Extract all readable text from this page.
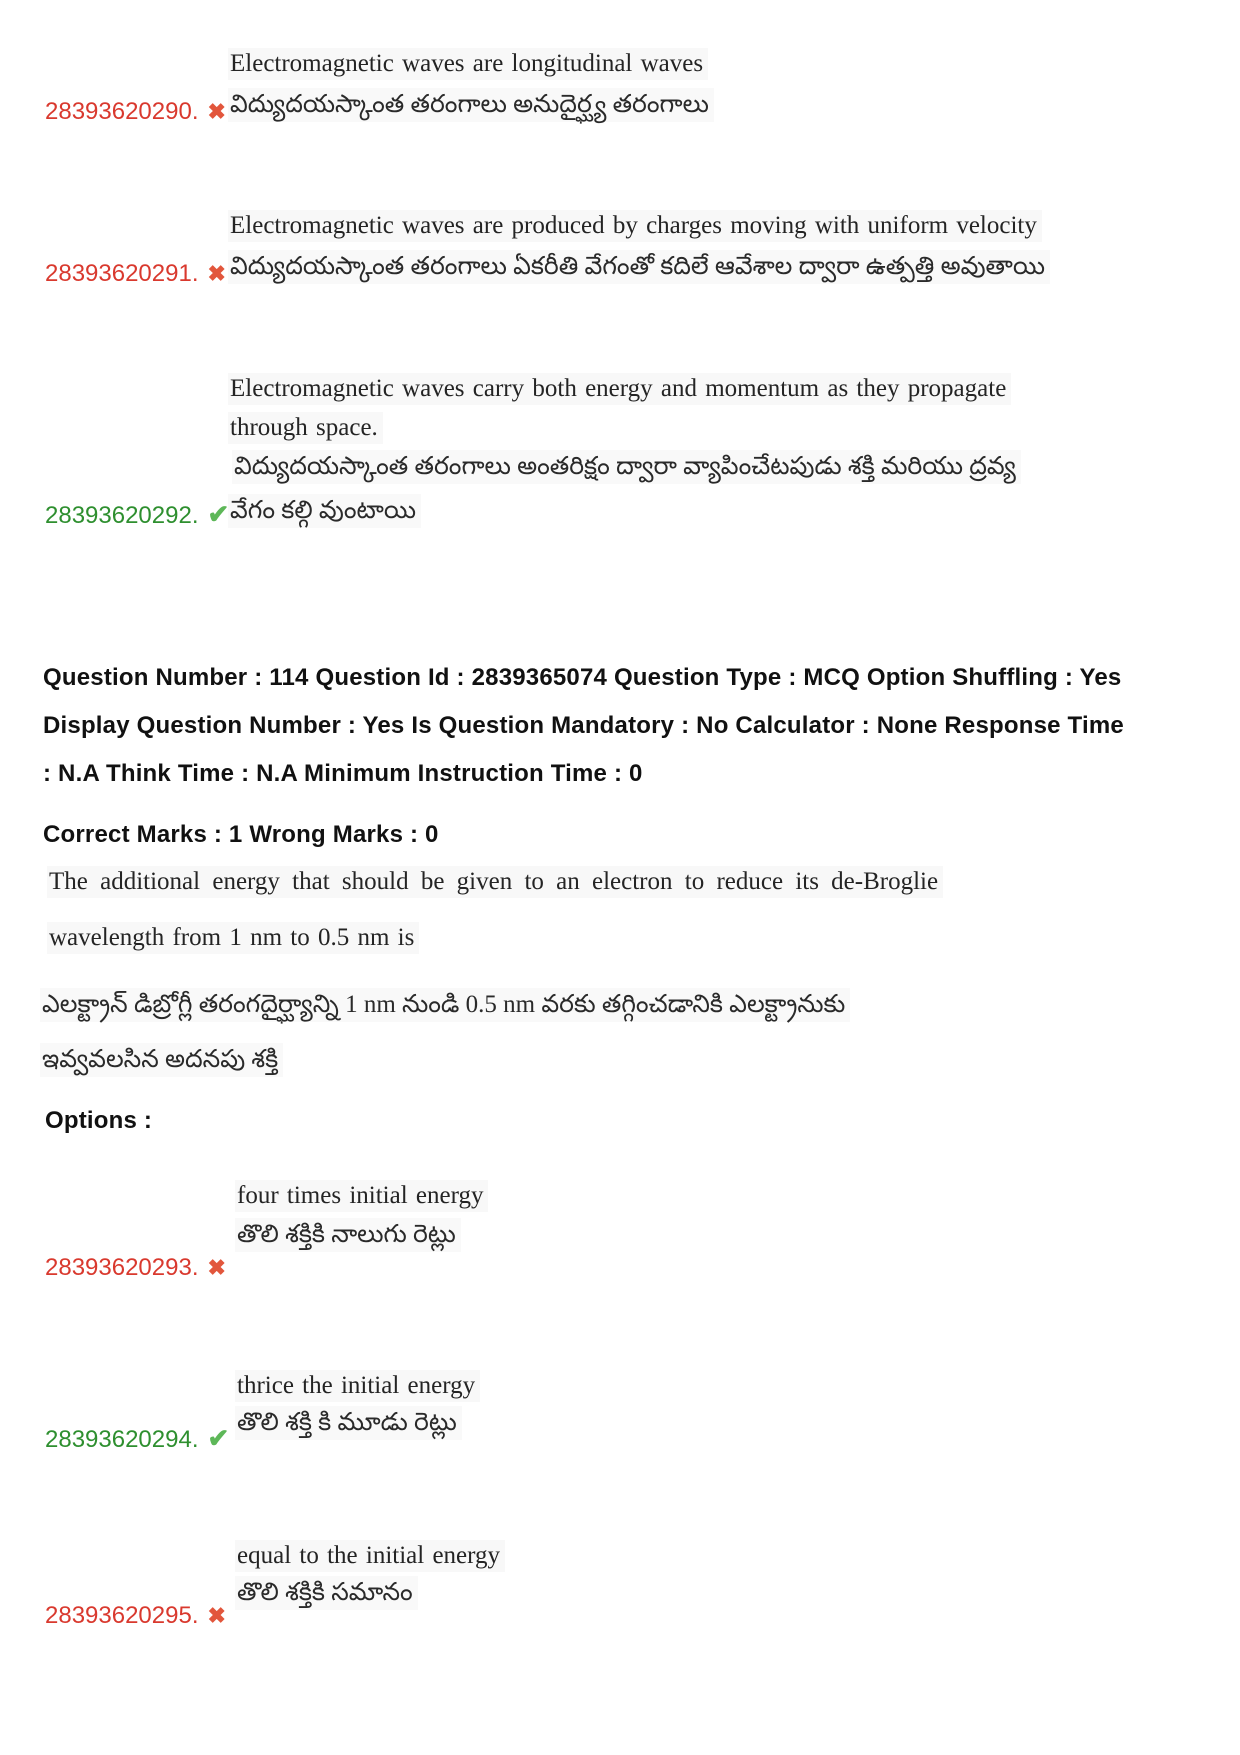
Electromagnetic waves are longitudinal waves
విద్యుదయస్కాంత తరంగాలు అనుదైర్ఘ్య తరంగాలు
28393620290. ✖
Electromagnetic waves are produced by charges moving with uniform velocity
విద్యుదయస్కాంత తరంగాలు ఏకరీతి వేగంతో కదిలే ఆవేశాల ద్వారా ఉత్పత్తి అవుతాయి
28393620291. ✖
Electromagnetic waves carry both energy and momentum as they propagate
through space.
విద్యుదయస్కాంత తరంగాలు అంతరిక్షం ద్వారా వ్యాపించేటపుడు శక్తి మరియు ద్రవ్య
వేగం కల్గి వుంటాయి
28393620292. ✔
Question Number : 114 Question Id : 2839365074 Question Type : MCQ Option Shuffling : Yes
Display Question Number : Yes Is Question Mandatory : No Calculator : None Response Time
: N.A Think Time : N.A Minimum Instruction Time : 0
Correct Marks : 1 Wrong Marks : 0
The additional energy that should be given to an electron to reduce its de-Broglie
wavelength from 1 nm to 0.5 nm is
ఎలక్ట్రాన్ డిబ్రోగ్లీ తరంగదైర్ఘ్యాన్ని 1 nm నుండి 0.5 nm వరకు తగ్గించడానికి ఎలక్ట్రానుకు
ఇవ్వవలసిన అదనపు శక్తి
Options :
four times initial energy
తొలి శక్తికి నాలుగు రెట్లు
28393620293. ✖
thrice the initial energy
తొలి శక్తి కి మూడు రెట్లు
28393620294. ✔
equal to the initial energy
తొలి శక్తికి సమానం
28393620295. ✖
